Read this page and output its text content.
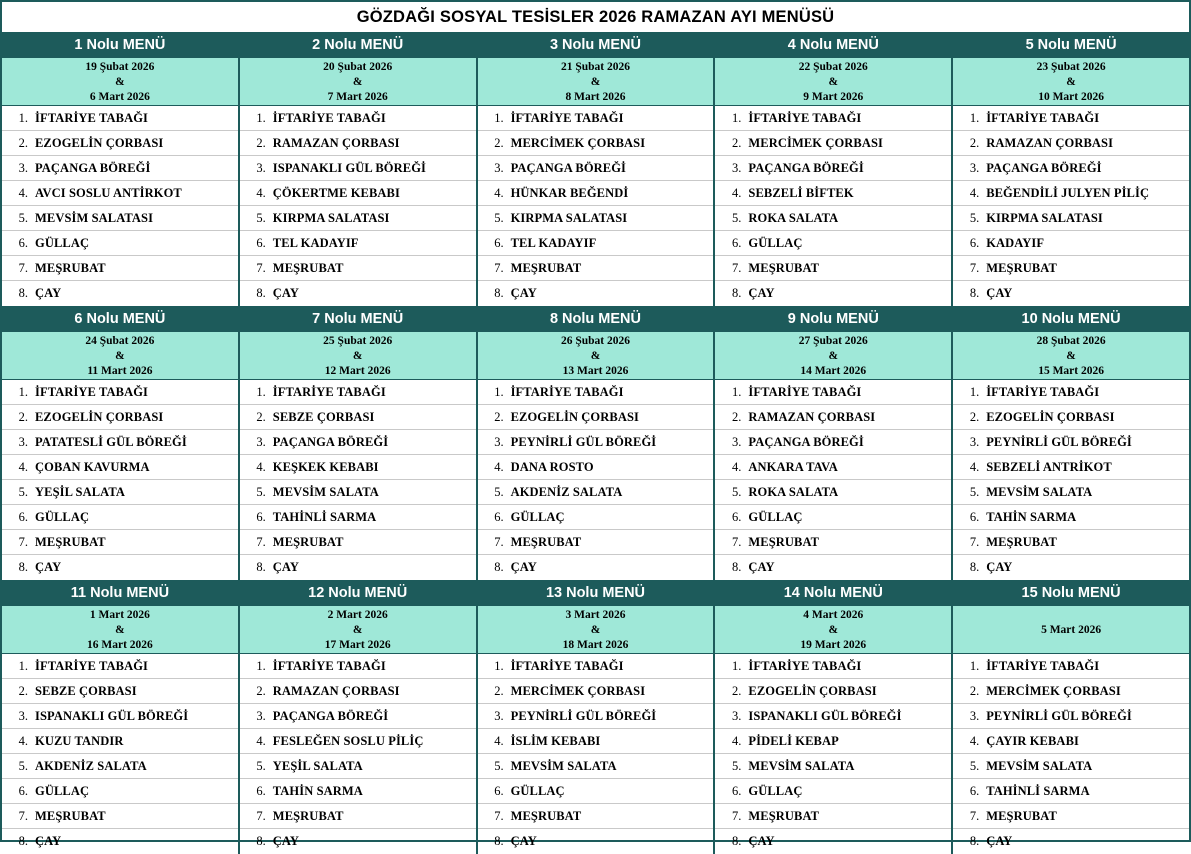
GÖZDAĞI SOSYAL TESİSLER 2026 RAMAZAN AYI MENÜSÜ
1 Nolu MENÜ
19 Şubat 2026
&
6 Mart 2026
1. İFTARİYE TABAĞI
2. EZOGELİN ÇORBASI
3. PAÇANGA BÖREĞİ
4. AVCI SOSLU ANTİRKOT
5. MEVSİM SALATASI
6. GÜLLAÇ
7. MEŞRUBAT
8. ÇAY
2 Nolu MENÜ
20 Şubat 2026
&
7 Mart 2026
1. İFTARİYE TABAĞI
2. RAMAZAN ÇORBASI
3. ISPANAKLI GÜL BÖREĞİ
4. ÇÖKERTME KEBABI
5. KIRPMA SALATASI
6. TEL KADAYIF
7. MEŞRUBAT
8. ÇAY
3 Nolu MENÜ
21 Şubat 2026
&
8 Mart 2026
1. İFTARİYE TABAĞI
2. MERCİMEK ÇORBASI
3. PAÇANGA BÖREĞİ
4. HÜNKAR BEĞENDİ
5. KIRPMA SALATASI
6. TEL KADAYIF
7. MEŞRUBAT
8. ÇAY
4 Nolu MENÜ
22 Şubat 2026
&
9 Mart 2026
1. İFTARİYE TABAĞI
2. MERCİMEK ÇORBASI
3. PAÇANGA BÖREĞİ
4. SEBZELİ BİFTEK
5. ROKA SALATA
6. GÜLLAÇ
7. MEŞRUBAT
8. ÇAY
5 Nolu MENÜ
23 Şubat 2026
&
10 Mart 2026
1. İFTARİYE TABAĞI
2. RAMAZAN ÇORBASI
3. PAÇANGA BÖREĞİ
4. BEĞENDİLİ JULYEN PİLİÇ
5. KIRPMA SALATASI
6. KADAYIF
7. MEŞRUBAT
8. ÇAY
6 Nolu MENÜ
24 Şubat 2026
&
11 Mart 2026
1. İFTARİYE TABAĞI
2. EZOGELİN ÇORBASI
3. PATATESLİ GÜL BÖREĞİ
4. ÇOBAN KAVURMA
5. YEŞİL SALATA
6. GÜLLAÇ
7. MEŞRUBAT
8. ÇAY
7 Nolu MENÜ
25 Şubat 2026
&
12 Mart 2026
1. İFTARİYE TABAĞI
2. SEBZE ÇORBASI
3. PAÇANGA BÖREĞİ
4. KEŞKEK KEBABI
5. MEVSİM SALATA
6. TAHİNLİ SARMA
7. MEŞRUBAT
8. ÇAY
8 Nolu MENÜ
26 Şubat 2026
&
13 Mart 2026
1. İFTARİYE TABAĞI
2. EZOGELİN ÇORBASI
3. PEYNİRLİ GÜL BÖREĞİ
4. DANA ROSTO
5. AKDENİZ SALATA
6. GÜLLAÇ
7. MEŞRUBAT
8. ÇAY
9 Nolu MENÜ
27 Şubat 2026
&
14 Mart 2026
1. İFTARİYE TABAĞI
2. RAMAZAN ÇORBASI
3. PAÇANGA BÖREĞİ
4. ANKARA TAVA
5. ROKA SALATA
6. GÜLLAÇ
7. MEŞRUBAT
8. ÇAY
10 Nolu MENÜ
28 Şubat 2026
&
15 Mart 2026
1. İFTARİYE TABAĞI
2. EZOGELİN ÇORBASI
3. PEYNİRLİ GÜL BÖREĞİ
4. SEBZELİ ANTRİKOT
5. MEVSİM SALATA
6. TAHİN SARMA
7. MEŞRUBAT
8. ÇAY
11 Nolu MENÜ
1 Mart 2026
&
16 Mart 2026
1. İFTARİYE TABAĞI
2. SEBZE ÇORBASI
3. ISPANAKLI GÜL BÖREĞİ
4. KUZU TANDIR
5. AKDENİZ SALATA
6. GÜLLAÇ
7. MEŞRUBAT
8. ÇAY
12 Nolu MENÜ
2 Mart 2026
&
17 Mart 2026
1. İFTARİYE TABAĞI
2. RAMAZAN ÇORBASI
3. PAÇANGA BÖREĞİ
4. FESLEĞEN SOSLU PİLİÇ
5. YEŞİL SALATA
6. TAHİN SARMA
7. MEŞRUBAT
8. ÇAY
13 Nolu MENÜ
3 Mart 2026
&
18 Mart 2026
1. İFTARİYE TABAĞI
2. MERCİMEK ÇORBASI
3. PEYNİRLİ GÜL BÖREĞİ
4. İSLİM KEBABI
5. MEVSİM SALATA
6. GÜLLAÇ
7. MEŞRUBAT
8. ÇAY
14 Nolu MENÜ
4 Mart 2026
&
19 Mart 2026
1. İFTARİYE TABAĞI
2. EZOGELİN ÇORBASI
3. ISPANAKLI GÜL BÖREĞİ
4. PİDELİ KEBAP
5. MEVSİM SALATA
6. GÜLLAÇ
7. MEŞRUBAT
8. ÇAY
15 Nolu MENÜ
5 Mart 2026
1. İFTARİYE TABAĞI
2. MERCİMEK ÇORBASI
3. PEYNİRLİ GÜL BÖREĞİ
4. ÇAYIR KEBABI
5. MEVSİM SALATA
6. TAHİNLİ SARMA
7. MEŞRUBAT
8. ÇAY
